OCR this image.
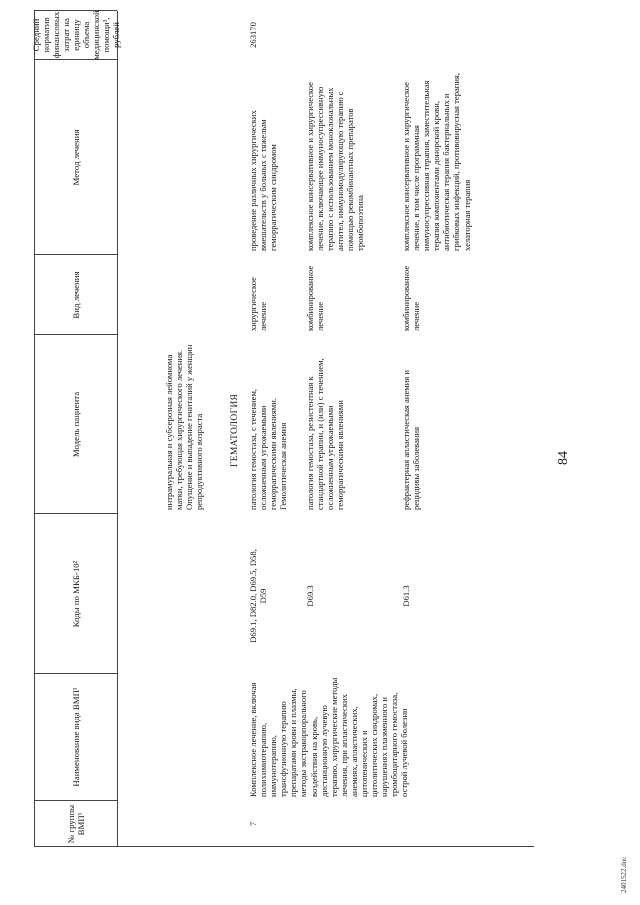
84
2401522.doc
№ группы ВМП¹
Наименование вида ВМП¹
Коды по МКБ-10²
Модель пациента
Вид лечения
Метод лечения
Средний норматив финансовых затрат на единицу объема медицинской помощи³, рублей
интрамуральная и субсерозная лейомиома матки, требующая хирургического лечения. Опущение и выпадение гениталий у женщин репродуктивного возраста	ГЕМАТОЛОГИЯ
7
Комплексное лечение, включая полихимиотерапию, иммунотерапию, трансфузионную терапию препаратами крови и плазмы, методы экстракорпорального воздействия на кровь, дистанционную лучевую терапию, хирургические методы лечения, при апластических анемиях, апластических, цитопенических и цитолитических синдромах, нарушениях плазменного и тромбоцитарного гемостаза, острой лучевой болезни
263170
D69.1, D82.0, D69.5, D58, D59
патология гемостаза, с течением, осложненным угрожаемыми геморрагическими явлениями. Гемолитическая анемия
хирургическое лечение
проведение различных хирургических вмешательств у больных с тяжелым геморрагическим синдромом
D69.3
патология гемостаза, резистентная к стандартной терапии, и (или) с течением, осложненным угрожаемыми геморрагическими явлениями
комбинированное лечение
комплексное консервативное и хирургическое лечение, включающее иммуносупрессивную терапию с использованием моноклональных антител, иммуномодулирующую терапию с помощью рекомбинантных препаратов тромбопоэтина
D61.3
рефрактерная апластическая анемия и рецидивы заболевания
комбинированное лечение
комплексное консервативное и хирургическое лечение, в том числе программная иммуносупрессивная терапия, заместительная терапия компонентами донорской крови, антибиотическая терапия бактериальных и грибковых инфекций, противовирусная терапия, хелаторная терапия
